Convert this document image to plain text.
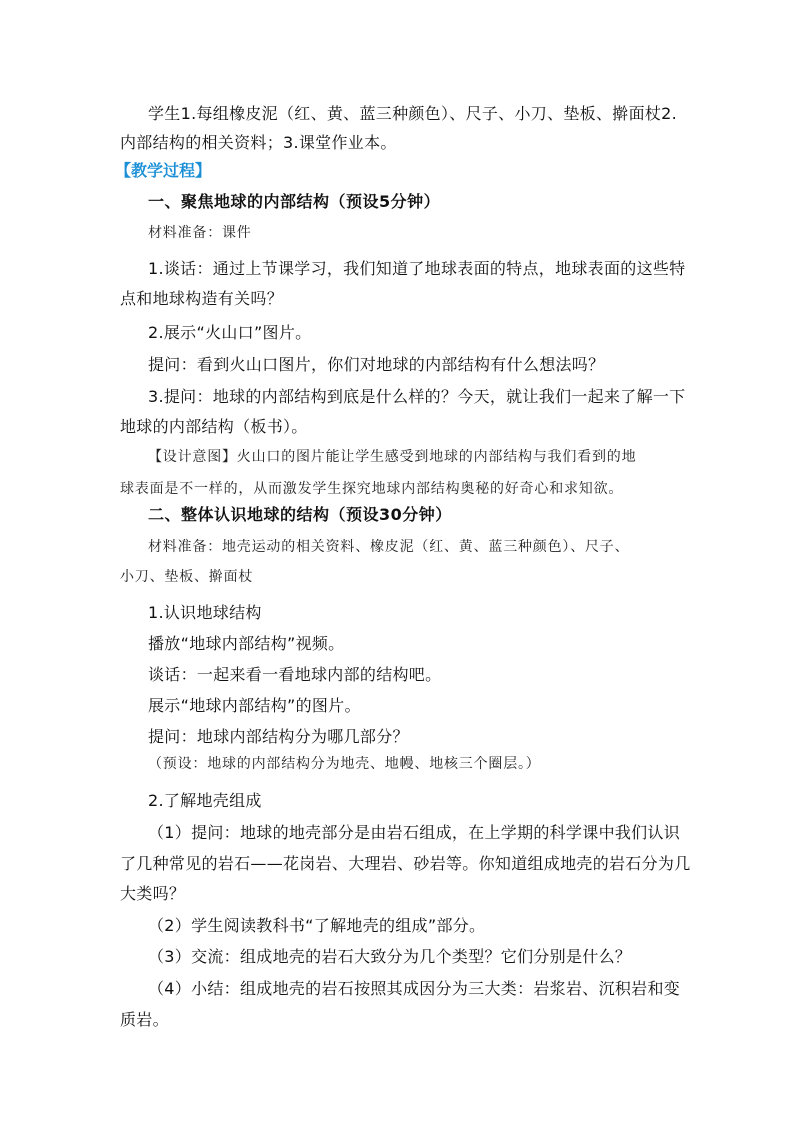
学生1.每组橡皮泥（红、黄、蓝三种颜色）、尺子、小刀、垫板、擀面杖2.
内部结构的相关资料；3.课堂作业本。
【教学过程】
一、聚焦地球的内部结构（预设5分钟）
材料准备：课件
1.谈话：通过上节课学习，我们知道了地球表面的特点，地球表面的这些特
点和地球构造有关吗？
2.展示“火山口”图片。
提问：看到火山口图片，你们对地球的内部结构有什么想法吗？
3.提问：地球的内部结构到底是什么样的？今天，就让我们一起来了解一下
地球的内部结构（板书）。
【设计意图】火山口的图片能让学生感受到地球的内部结构与我们看到的地
球表面是不一样的，从而激发学生探究地球内部结构奥秘的好奇心和求知欲。
二、整体认识地球的结构（预设30分钟）
材料准备：地壳运动的相关资料、橡皮泥（红、黄、蓝三种颜色）、尺子、
小刀、垫板、擀面杖
1.认识地球结构
播放“地球内部结构”视频。
谈话：一起来看一看地球内部的结构吧。
展示“地球内部结构”的图片。
提问：地球内部结构分为哪几部分？
（预设：地球的内部结构分为地壳、地幔、地核三个圈层。）
2.了解地壳组成
（1）提问：地球的地壳部分是由岩石组成，在上学期的科学课中我们认识
了几种常见的岩石——花岗岩、大理岩、砂岩等。你知道组成地壳的岩石分为几
大类吗？
（2）学生阅读教科书“了解地壳的组成”部分。
（3）交流：组成地壳的岩石大致分为几个类型？它们分别是什么？
（4）小结：组成地壳的岩石按照其成因分为三大类：岩浆岩、沉积岩和变
质岩。
